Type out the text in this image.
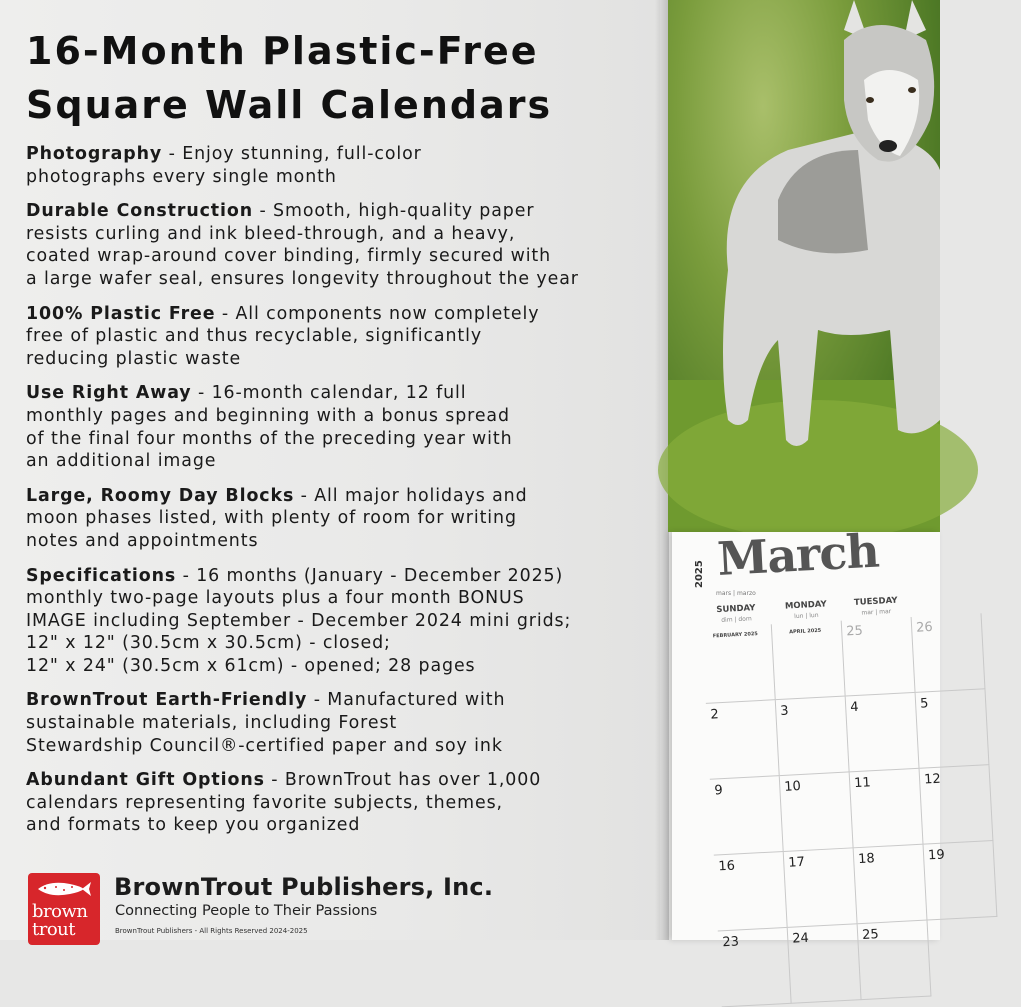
16-Month Plastic-Free
Square Wall Calendars
Photography - Enjoy stunning, full-color
photographs every single month
Durable Construction - Smooth, high-quality paper
resists curling and ink bleed-through, and a heavy,
coated wrap-around cover binding, firmly secured with
a large wafer seal, ensures longevity throughout the year
100% Plastic Free - All components now completely
free of plastic and thus recyclable, significantly
reducing plastic waste
Use Right Away - 16-month calendar, 12 full
monthly pages and beginning with a bonus spread
of the final four months of the preceding year with
an additional image
Large, Roomy Day Blocks - All major holidays and
moon phases listed, with plenty of room for writing
notes and appointments
Specifications - 16 months (January - December 2025)
monthly two-page layouts plus a four month BONUS
IMAGE including September - December 2024 mini grids;
12" x 12" (30.5cm x 30.5cm) - closed;
12" x 24" (30.5cm x 61cm) - opened; 28 pages
BrownTrout Earth-Friendly - Manufactured with
sustainable materials, including Forest
Stewardship Council®-certified paper and soy ink
Abundant Gift Options - BrownTrout has over 1,000
calendars representing favorite subjects, themes,
and formats to keep you organized
brown
trout
BrownTrout Publishers, Inc.
Connecting People to Their Passions
BrownTrout Publishers - All Rights Reserved 2024-2025
2025 March
mars | marzo
SUNDAY
dim | dom
MONDAY
lun | lun
TUESDAY
mar | mar
FEBRUARY 2025	APRIL 2025	25	26
2	3	4	5
9	10	11	12
16	17	18	19
23	24	25
